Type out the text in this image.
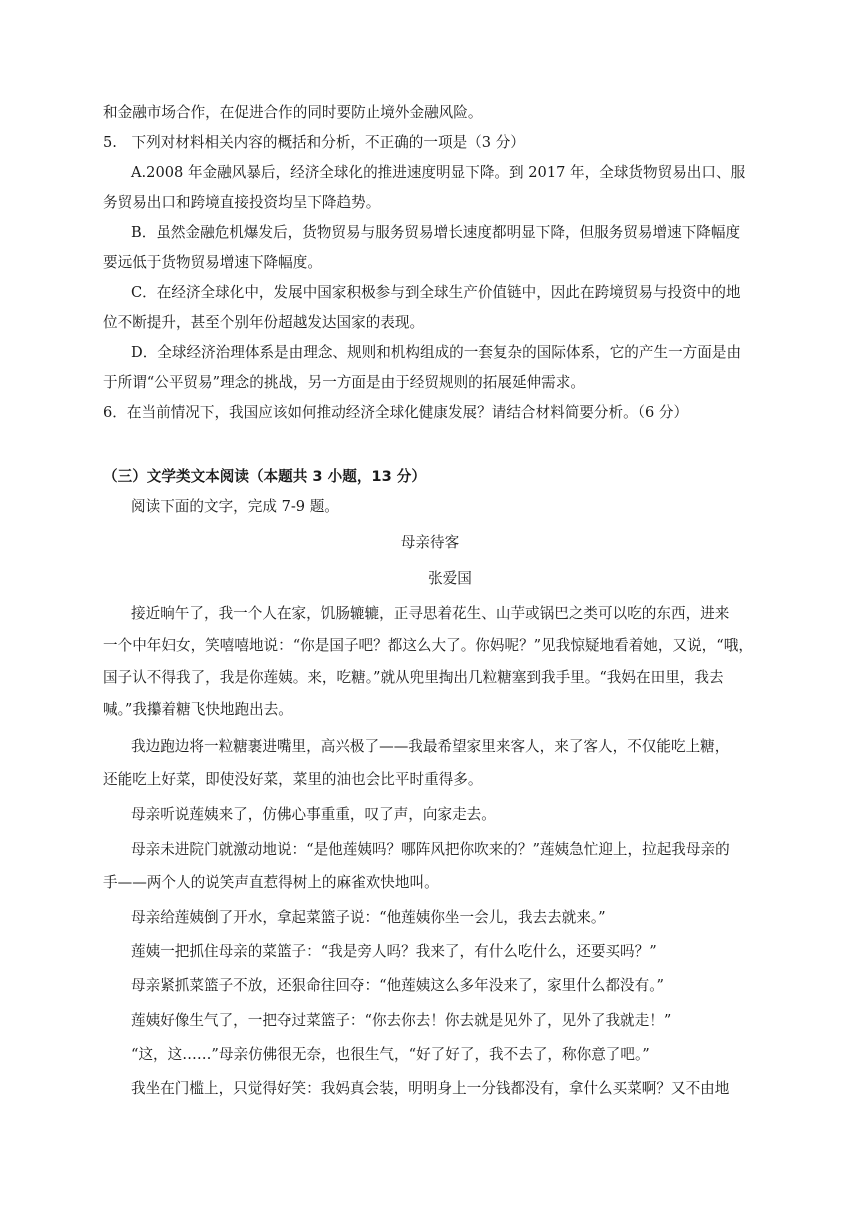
和金融市场合作，在促进合作的同时要防止境外金融风险。
5.　下列对材料相关内容的概括和分析，不正确的一项是（3 分）
A.2008 年金融风暴后，经济全球化的推进速度明显下降。到 2017 年，全球货物贸易出口、服
务贸易出口和跨境直接投资均呈下降趋势。
B．虽然金融危机爆发后，货物贸易与服务贸易增长速度都明显下降，但服务贸易增速下降幅度
要远低于货物贸易增速下降幅度。
C．在经济全球化中，发展中国家积极参与到全球生产价值链中，因此在跨境贸易与投资中的地
位不断提升，甚至个别年份超越发达国家的表现。
D．全球经济治理体系是由理念、规则和机构组成的一套复杂的国际体系，它的产生一方面是由
于所谓“公平贸易”理念的挑战，另一方面是由于经贸规则的拓展延伸需求。
6．在当前情况下，我国应该如何推动经济全球化健康发展？请结合材料简要分析。（6 分）
（三）文学类文本阅读（本题共 3 小题，13 分）
阅读下面的文字，完成 7-9 题。
母亲待客
张爱国
接近晌午了，我一个人在家，饥肠辘辘，正寻思着花生、山芋或锅巴之类可以吃的东西，进来
一个中年妇女，笑嘻嘻地说：“你是国子吧？都这么大了。你妈呢？”见我惊疑地看着她，又说，“哦，
国子认不得我了，我是你莲姨。来，吃糖。”就从兜里掏出几粒糖塞到我手里。“我妈在田里，我去
喊。”我攥着糖飞快地跑出去。
我边跑边将一粒糖裹进嘴里，高兴极了——我最希望家里来客人，来了客人，不仅能吃上糖，
还能吃上好菜，即使没好菜，菜里的油也会比平时重得多。
母亲听说莲姨来了，仿佛心事重重，叹了声，向家走去。
母亲未进院门就激动地说：“是他莲姨吗？哪阵风把你吹来的？”莲姨急忙迎上，拉起我母亲的
手——两个人的说笑声直惹得树上的麻雀欢快地叫。
母亲给莲姨倒了开水，拿起菜篮子说：“他莲姨你坐一会儿，我去去就来。”
莲姨一把抓住母亲的菜篮子：“我是旁人吗？我来了，有什么吃什么，还要买吗？”
母亲紧抓菜篮子不放，还狠命往回夺：“他莲姨这么多年没来了，家里什么都没有。”
莲姨好像生气了，一把夺过菜篮子：“你去你去！你去就是见外了，见外了我就走！”
“这，这……”母亲仿佛很无奈，也很生气，“好了好了，我不去了，称你意了吧。”
我坐在门槛上，只觉得好笑：我妈真会装，明明身上一分钱都没有，拿什么买菜啊？又不由地
